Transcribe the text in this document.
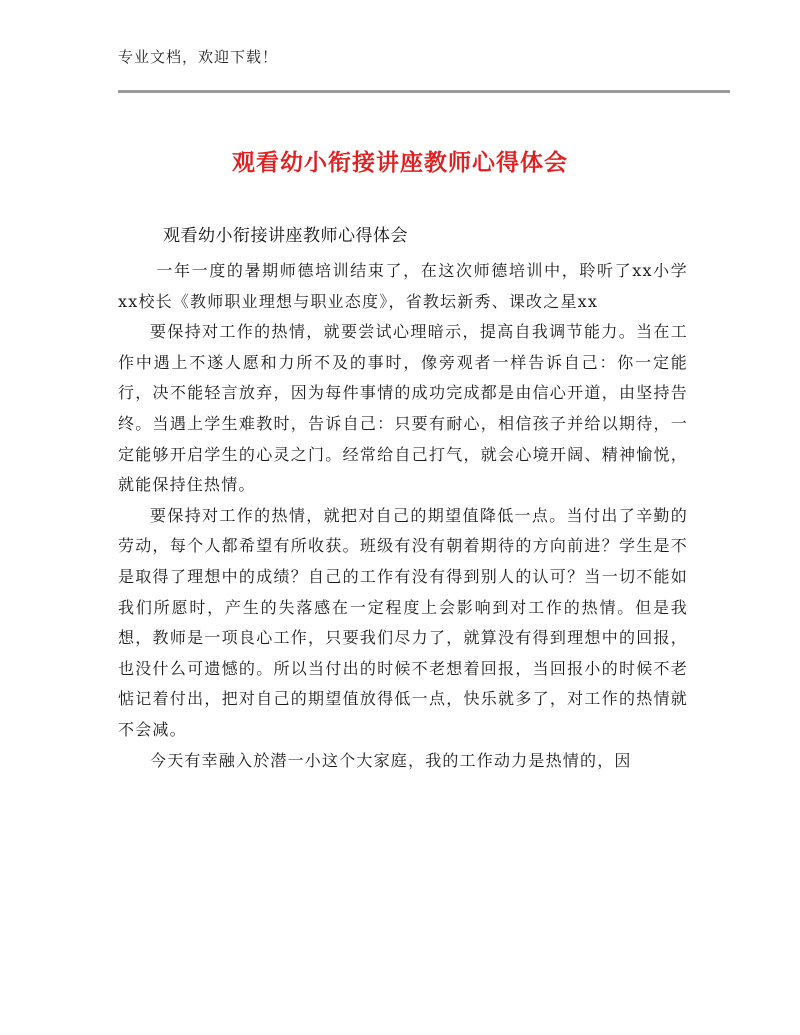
专业文档，欢迎下载！
观看幼小衔接讲座教师心得体会
观看幼小衔接讲座教师心得体会

一年一度的暑期师德培训结束了，在这次师德培训中，聆听了xx小学xx校长《教师职业理想与职业态度》，省教坛新秀、课改之星xx

要保持对工作的热情，就要尝试心理暗示，提高自我调节能力。当在工作中遇上不遂人愿和力所不及的事时，像旁观者一样告诉自己：你一定能行，决不能轻言放弃，因为每件事情的成功完成都是由信心开道，由坚持告终。当遇上学生难教时，告诉自己：只要有耐心，相信孩子并给以期待，一定能够开启学生的心灵之门。经常给自己打气，就会心境开阔、精神愉悦，就能保持住热情。

要保持对工作的热情，就把对自己的期望值降低一点。当付出了辛勤的劳动，每个人都希望有所收获。班级有没有朝着期待的方向前进？学生是不是取得了理想中的成绩？自己的工作有没有得到别人的认可？当一切不能如我们所愿时，产生的失落感在一定程度上会影响到对工作的热情。但是我想，教师是一项良心工作，只要我们尽力了，就算没有得到理想中的回报，也没什么可遗憾的。所以当付出的时候不老想着回报，当回报小的时候不老惦记着付出，把对自己的期望值放得低一点，快乐就多了，对工作的热情就不会减。

今天有幸融入於潜一小这个大家庭，我的工作动力是热情的，因
